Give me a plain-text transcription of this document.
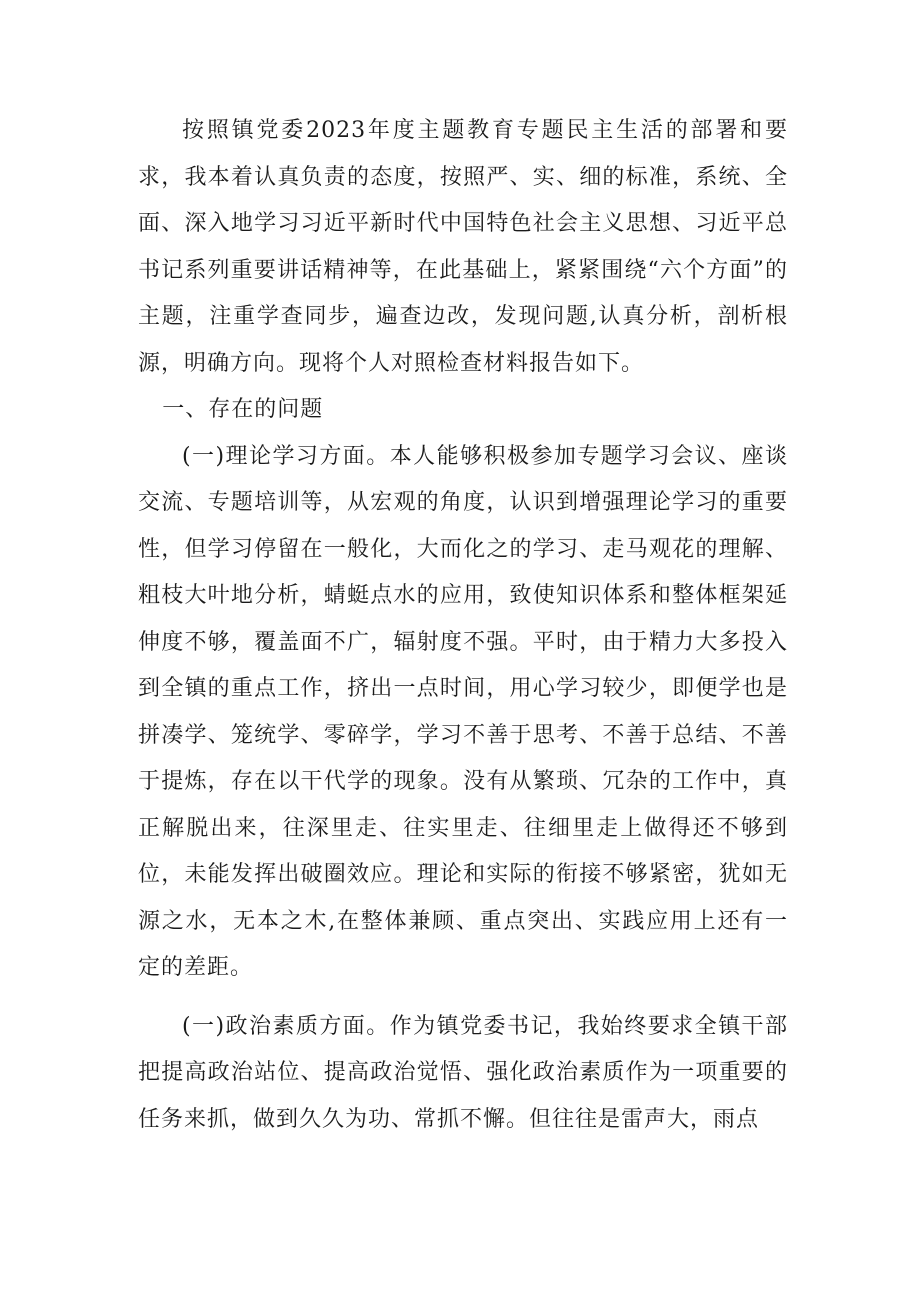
按照镇党委2023年度主题教育专题民主生活的部署和要求，我本着认真负责的态度，按照严、实、细的标准，系统、全面、深入地学习习近平新时代中国特色社会主义思想、习近平总书记系列重要讲话精神等，在此基础上，紧紧围绕“六个方面”的主题，注重学查同步，遍查边改，发现问题,认真分析，剖析根源，明确方向。现将个人对照检查材料报告如下。

一、存在的问题

(一)理论学习方面。本人能够积极参加专题学习会议、座谈交流、专题培训等，从宏观的角度，认识到增强理论学习的重要性，但学习停留在一般化，大而化之的学习、走马观花的理解、粗枝大叶地分析，蜻蜓点水的应用，致使知识体系和整体框架延伸度不够，覆盖面不广，辐射度不强。平时，由于精力大多投入到全镇的重点工作，挤出一点时间，用心学习较少，即便学也是拼凑学、笼统学、零碎学，学习不善于思考、不善于总结、不善于提炼，存在以干代学的现象。没有从繁琐、冗杂的工作中，真正解脱出来，往深里走、往实里走、往细里走上做得还不够到位，未能发挥出破圈效应。理论和实际的衔接不够紧密，犹如无源之水，无本之木,在整体兼顾、重点突出、实践应用上还有一定的差距。

(一)政治素质方面。作为镇党委书记，我始终要求全镇干部把提高政治站位、提高政治觉悟、强化政治素质作为一项重要的任务来抓，做到久久为功、常抓不懈。但往往是雷声大，雨点
